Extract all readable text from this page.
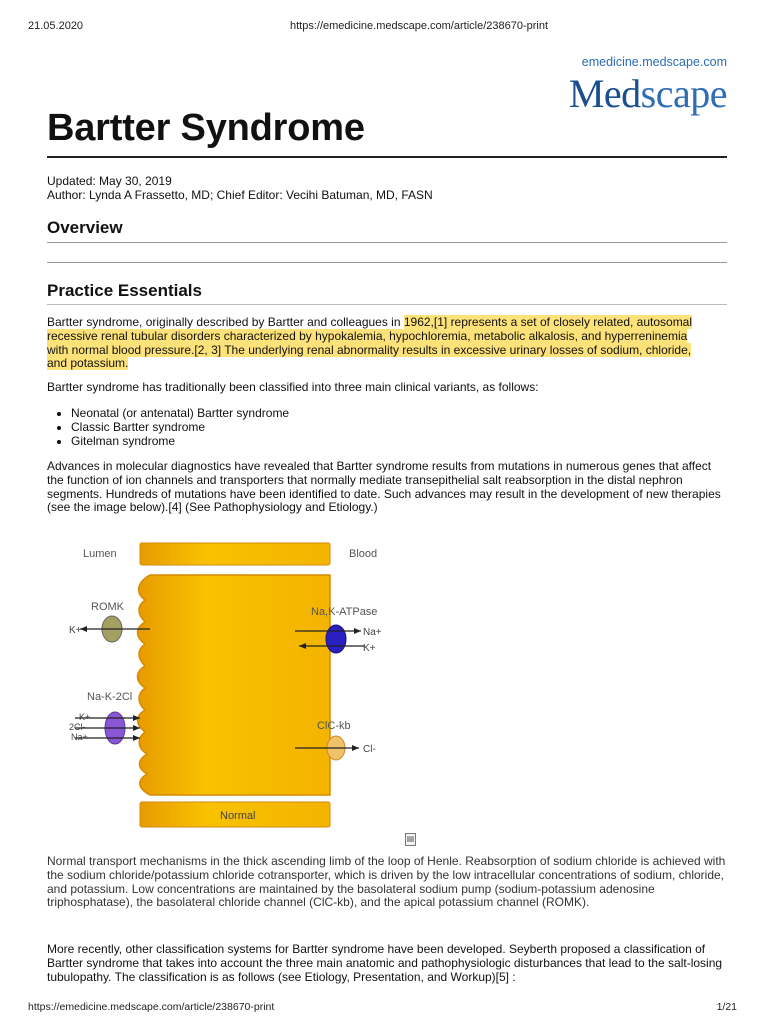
21.05.2020	https://emedicine.medscape.com/article/238670-print
emedicine.medscape.com
Medscape
Bartter Syndrome
Updated: May 30, 2019
Author: Lynda A Frassetto, MD; Chief Editor: Vecihi Batuman, MD, FASN
Overview
Practice Essentials
Bartter syndrome, originally described by Bartter and colleagues in 1962,[1] represents a set of closely related, autosomal
recessive renal tubular disorders characterized by hypokalemia, hypochloremia, metabolic alkalosis, and hyperreninemia
with normal blood pressure.[2, 3] The underlying renal abnormality results in excessive urinary losses of sodium, chloride,
and potassium.
Bartter syndrome has traditionally been classified into three main clinical variants, as follows:
• Neonatal (or antenatal) Bartter syndrome
• Classic Bartter syndrome
• Gitelman syndrome
Advances in molecular diagnostics have revealed that Bartter syndrome results from mutations in numerous genes that affect the function of ion channels and transporters that normally mediate transepithelial salt reabsorption in the distal nephron segments. Hundreds of mutations have been identified to date. Such advances may result in the development of new therapies (see the image below).[4] (See Pathophysiology and Etiology.)
Lumen	Blood
Normal
ROMK
K+
Na-K-2Cl
K+
2Cl-
Na+
Na,K-ATPase
Na+
K+
ClC-kb
Cl-
▤
Normal transport mechanisms in the thick ascending limb of the loop of Henle. Reabsorption of sodium chloride is achieved with the sodium chloride/potassium chloride cotransporter, which is driven by the low intracellular concentrations of sodium, chloride, and potassium. Low concentrations are maintained by the basolateral sodium pump (sodium-potassium adenosine triphosphatase), the basolateral chloride channel (ClC-kb), and the apical potassium channel (ROMK).
More recently, other classification systems for Bartter syndrome have been developed. Seyberth proposed a classification of Bartter syndrome that takes into account the three main anatomic and pathophysiologic disturbances that lead to the salt-losing tubulopathy. The classification is as follows (see Etiology, Presentation, and Workup)[5] :
https://emedicine.medscape.com/article/238670-print	1/21
